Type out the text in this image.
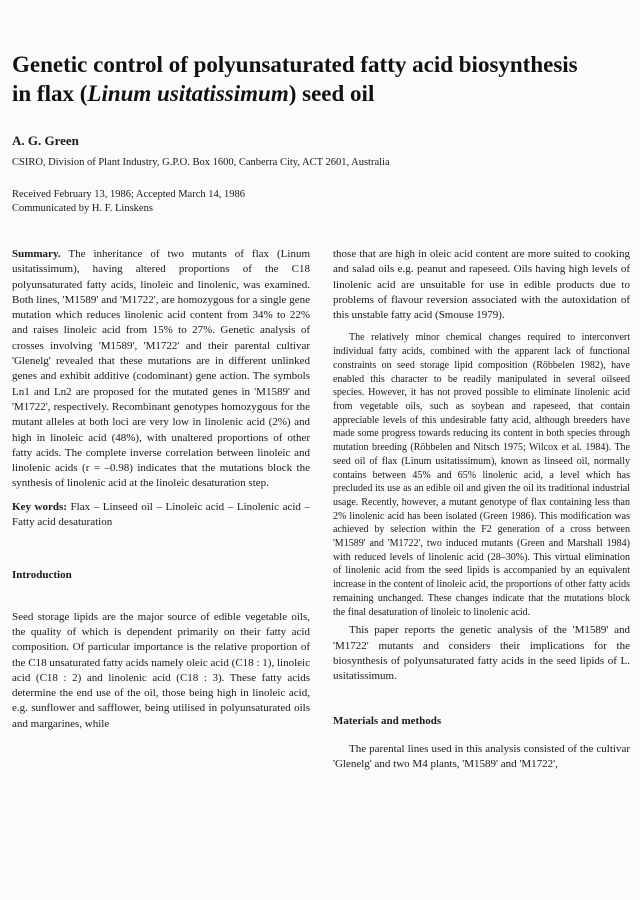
Genetic control of polyunsaturated fatty acid biosynthesis
in flax (Linum usitatissimum) seed oil
A. G. Green
CSIRO, Division of Plant Industry, G.P.O. Box 1600, Canberra City, ACT 2601, Australia
Received February 13, 1986; Accepted March 14, 1986
Communicated by H. F. Linskens

Summary. The inheritance of two mutants of flax (Linum usitatissimum), having altered proportions of the C18 polyunsaturated fatty acids, linoleic and linolenic, was examined. Both lines, 'M1589' and 'M1722', are homozygous for a single gene mutation which reduces linolenic acid content from 34% to 22% and raises linoleic acid from 15% to 27%. Genetic analysis of crosses involving 'M1589', 'M1722' and their parental cultivar 'Glenelg' revealed that these mutations are in different unlinked genes and exhibit additive (codominant) gene action. The symbols Ln1 and Ln2 are proposed for the mutated genes in 'M1589' and 'M1722', respectively. Recombinant genotypes homozygous for the mutant alleles at both loci are very low in linolenic acid (2%) and high in linoleic acid (48%), with unaltered proportions of other fatty acids. The complete inverse correlation between linoleic and linolenic acids (r = –0.98) indicates that the mutations block the synthesis of linolenic acid at the linoleic desaturation step.

Key words: Flax – Linseed oil – Linoleic acid – Linolenic acid – Fatty acid desaturation
Introduction

Seed storage lipids are the major source of edible vegetable oils, the quality of which is dependent primarily on their fatty acid composition. Of particular importance is the relative proportion of the C18 unsaturated fatty acids namely oleic acid (C18 : 1), linoleic acid (C18 : 2) and linolenic acid (C18 : 3). These fatty acids determine the end use of the oil, those being high in linoleic acid, e.g. sunflower and safflower, being utilised in polyunsaturated oils and margarines, while

those that are high in oleic acid content are more suited to cooking and salad oils e.g. peanut and rapeseed. Oils having high levels of linolenic acid are unsuitable for use in edible products due to problems of flavour reversion associated with the autoxidation of this unstable fatty acid (Smouse 1979).

The relatively minor chemical changes required to interconvert individual fatty acids, combined with the apparent lack of functional constraints on seed storage lipid composition (Röbbelen 1982), have enabled this character to be readily manipulated in several oilseed species. However, it has not proved possible to eliminate linolenic acid from vegetable oils, such as soybean and rapeseed, that contain appreciable levels of this undesirable fatty acid, although breeders have made some progress towards reducing its content in both species through mutation breeding (Röbbelen and Nitsch 1975; Wilcox et al. 1984). The seed oil of flax (Linum usitatissimum), known as linseed oil, normally contains between 45% and 65% linolenic acid, a level which has precluded its use as an edible oil and given the oil its traditional industrial usage. Recently, however, a mutant genotype of flax containing less than 2% linolenic acid has been isolated (Green 1986). This modification was achieved by selection within the F2 generation of a cross between 'M1589' and 'M1722', two induced mutants (Green and Marshall 1984) with reduced levels of linolenic acid (28–30%). This virtual elimination of linolenic acid from the seed lipids is accompanied by an equivalent increase in the content of linoleic acid, the proportions of other fatty acids remaining unchanged. These changes indicate that the mutations block the final desaturation of linoleic to linolenic acid.

This paper reports the genetic analysis of the 'M1589' and 'M1722' mutants and considers their implications for the biosynthesis of polyunsaturated fatty acids in the seed lipids of L. usitatissimum.

Materials and methods

The parental lines used in this analysis consisted of the cultivar 'Glenelg' and two M4 plants, 'M1589' and 'M1722',
